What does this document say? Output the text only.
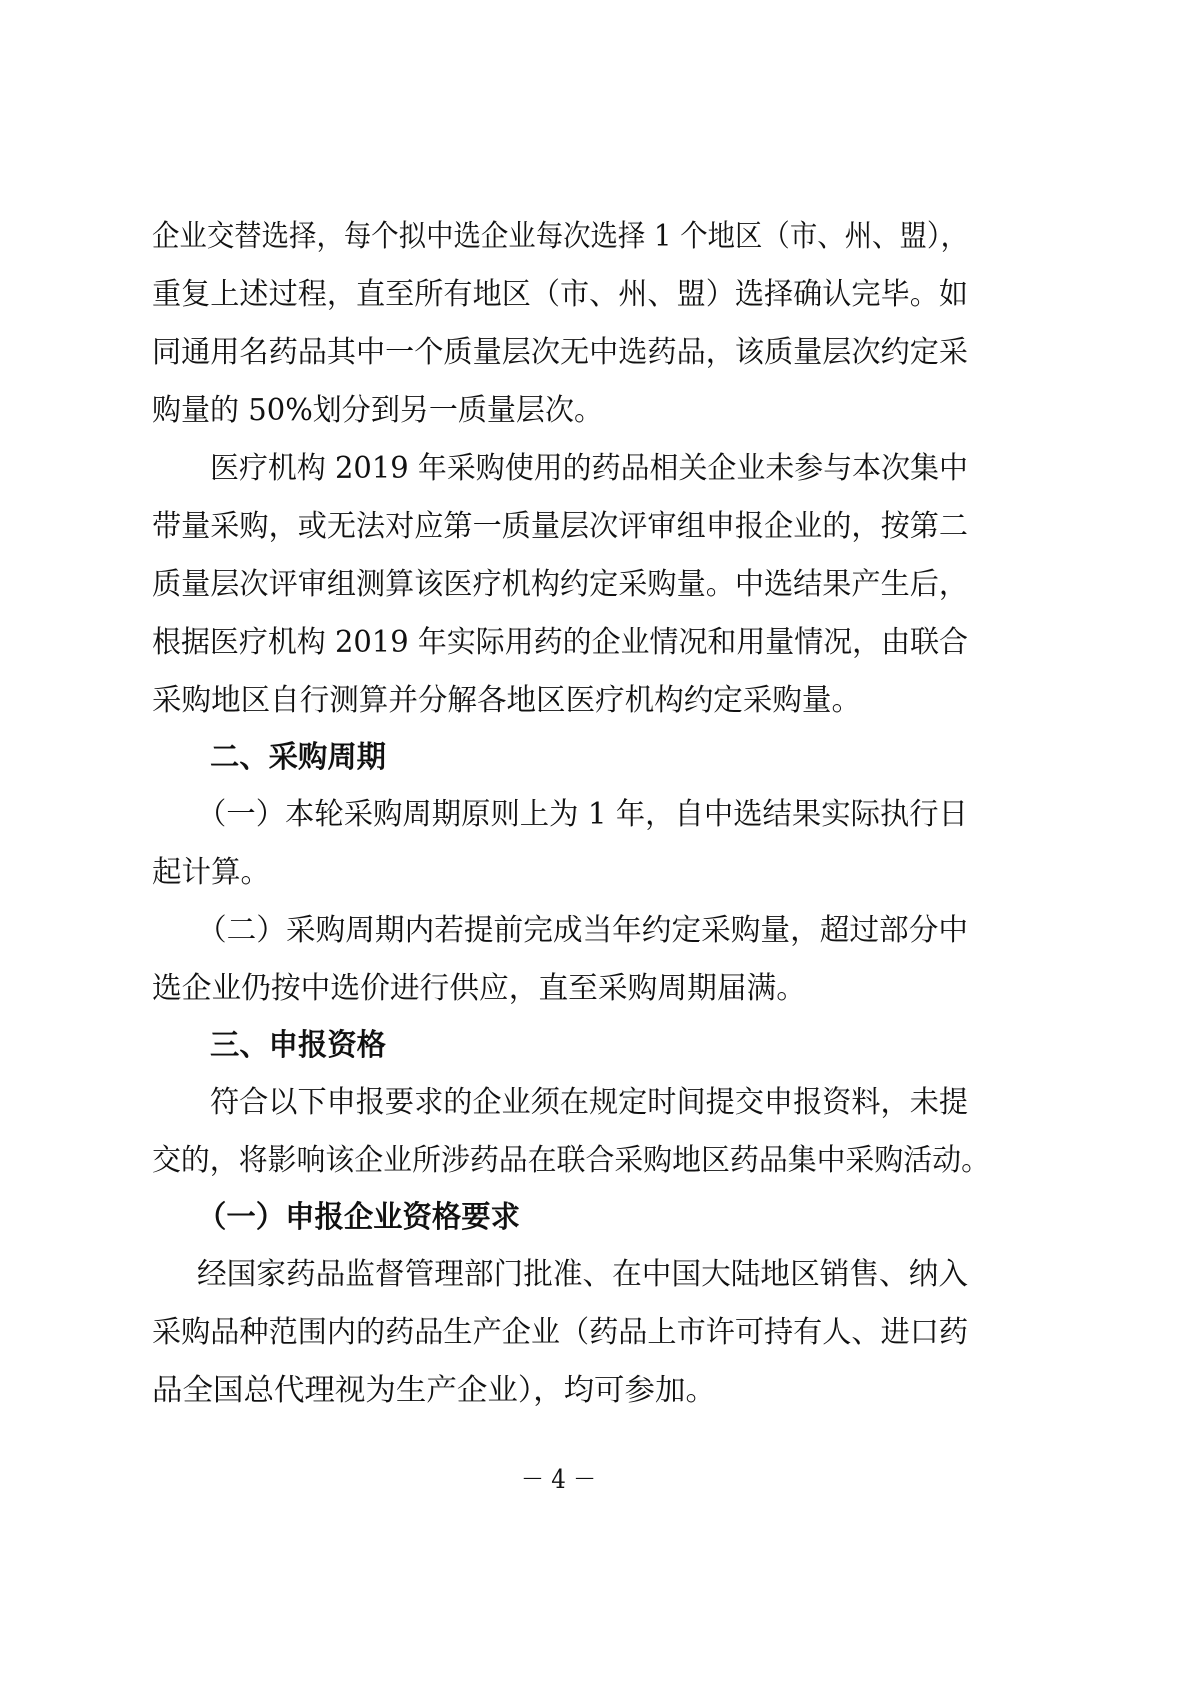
企业交替选择，每个拟中选企业每次选择 1 个地区（市、州、盟），
重复上述过程，直至所有地区（市、州、盟）选择确认完毕。如
同通用名药品其中一个质量层次无中选药品，该质量层次约定采
购量的 50%划分到另一质量层次。
医疗机构 2019 年采购使用的药品相关企业未参与本次集中
带量采购，或无法对应第一质量层次评审组申报企业的，按第二
质量层次评审组测算该医疗机构约定采购量。中选结果产生后，
根据医疗机构 2019 年实际用药的企业情况和用量情况，由联合
采购地区自行测算并分解各地区医疗机构约定采购量。
二、采购周期
（一）本轮采购周期原则上为 1 年，自中选结果实际执行日
起计算。
（二）采购周期内若提前完成当年约定采购量，超过部分中
选企业仍按中选价进行供应，直至采购周期届满。
三、申报资格
符合以下申报要求的企业须在规定时间提交申报资料，未提
交的，将影响该企业所涉药品在联合采购地区药品集中采购活动。
（一）申报企业资格要求
经国家药品监督管理部门批准、在中国大陆地区销售、纳入
采购品种范围内的药品生产企业（药品上市许可持有人、进口药
品全国总代理视为生产企业），均可参加。
－ 4 －
